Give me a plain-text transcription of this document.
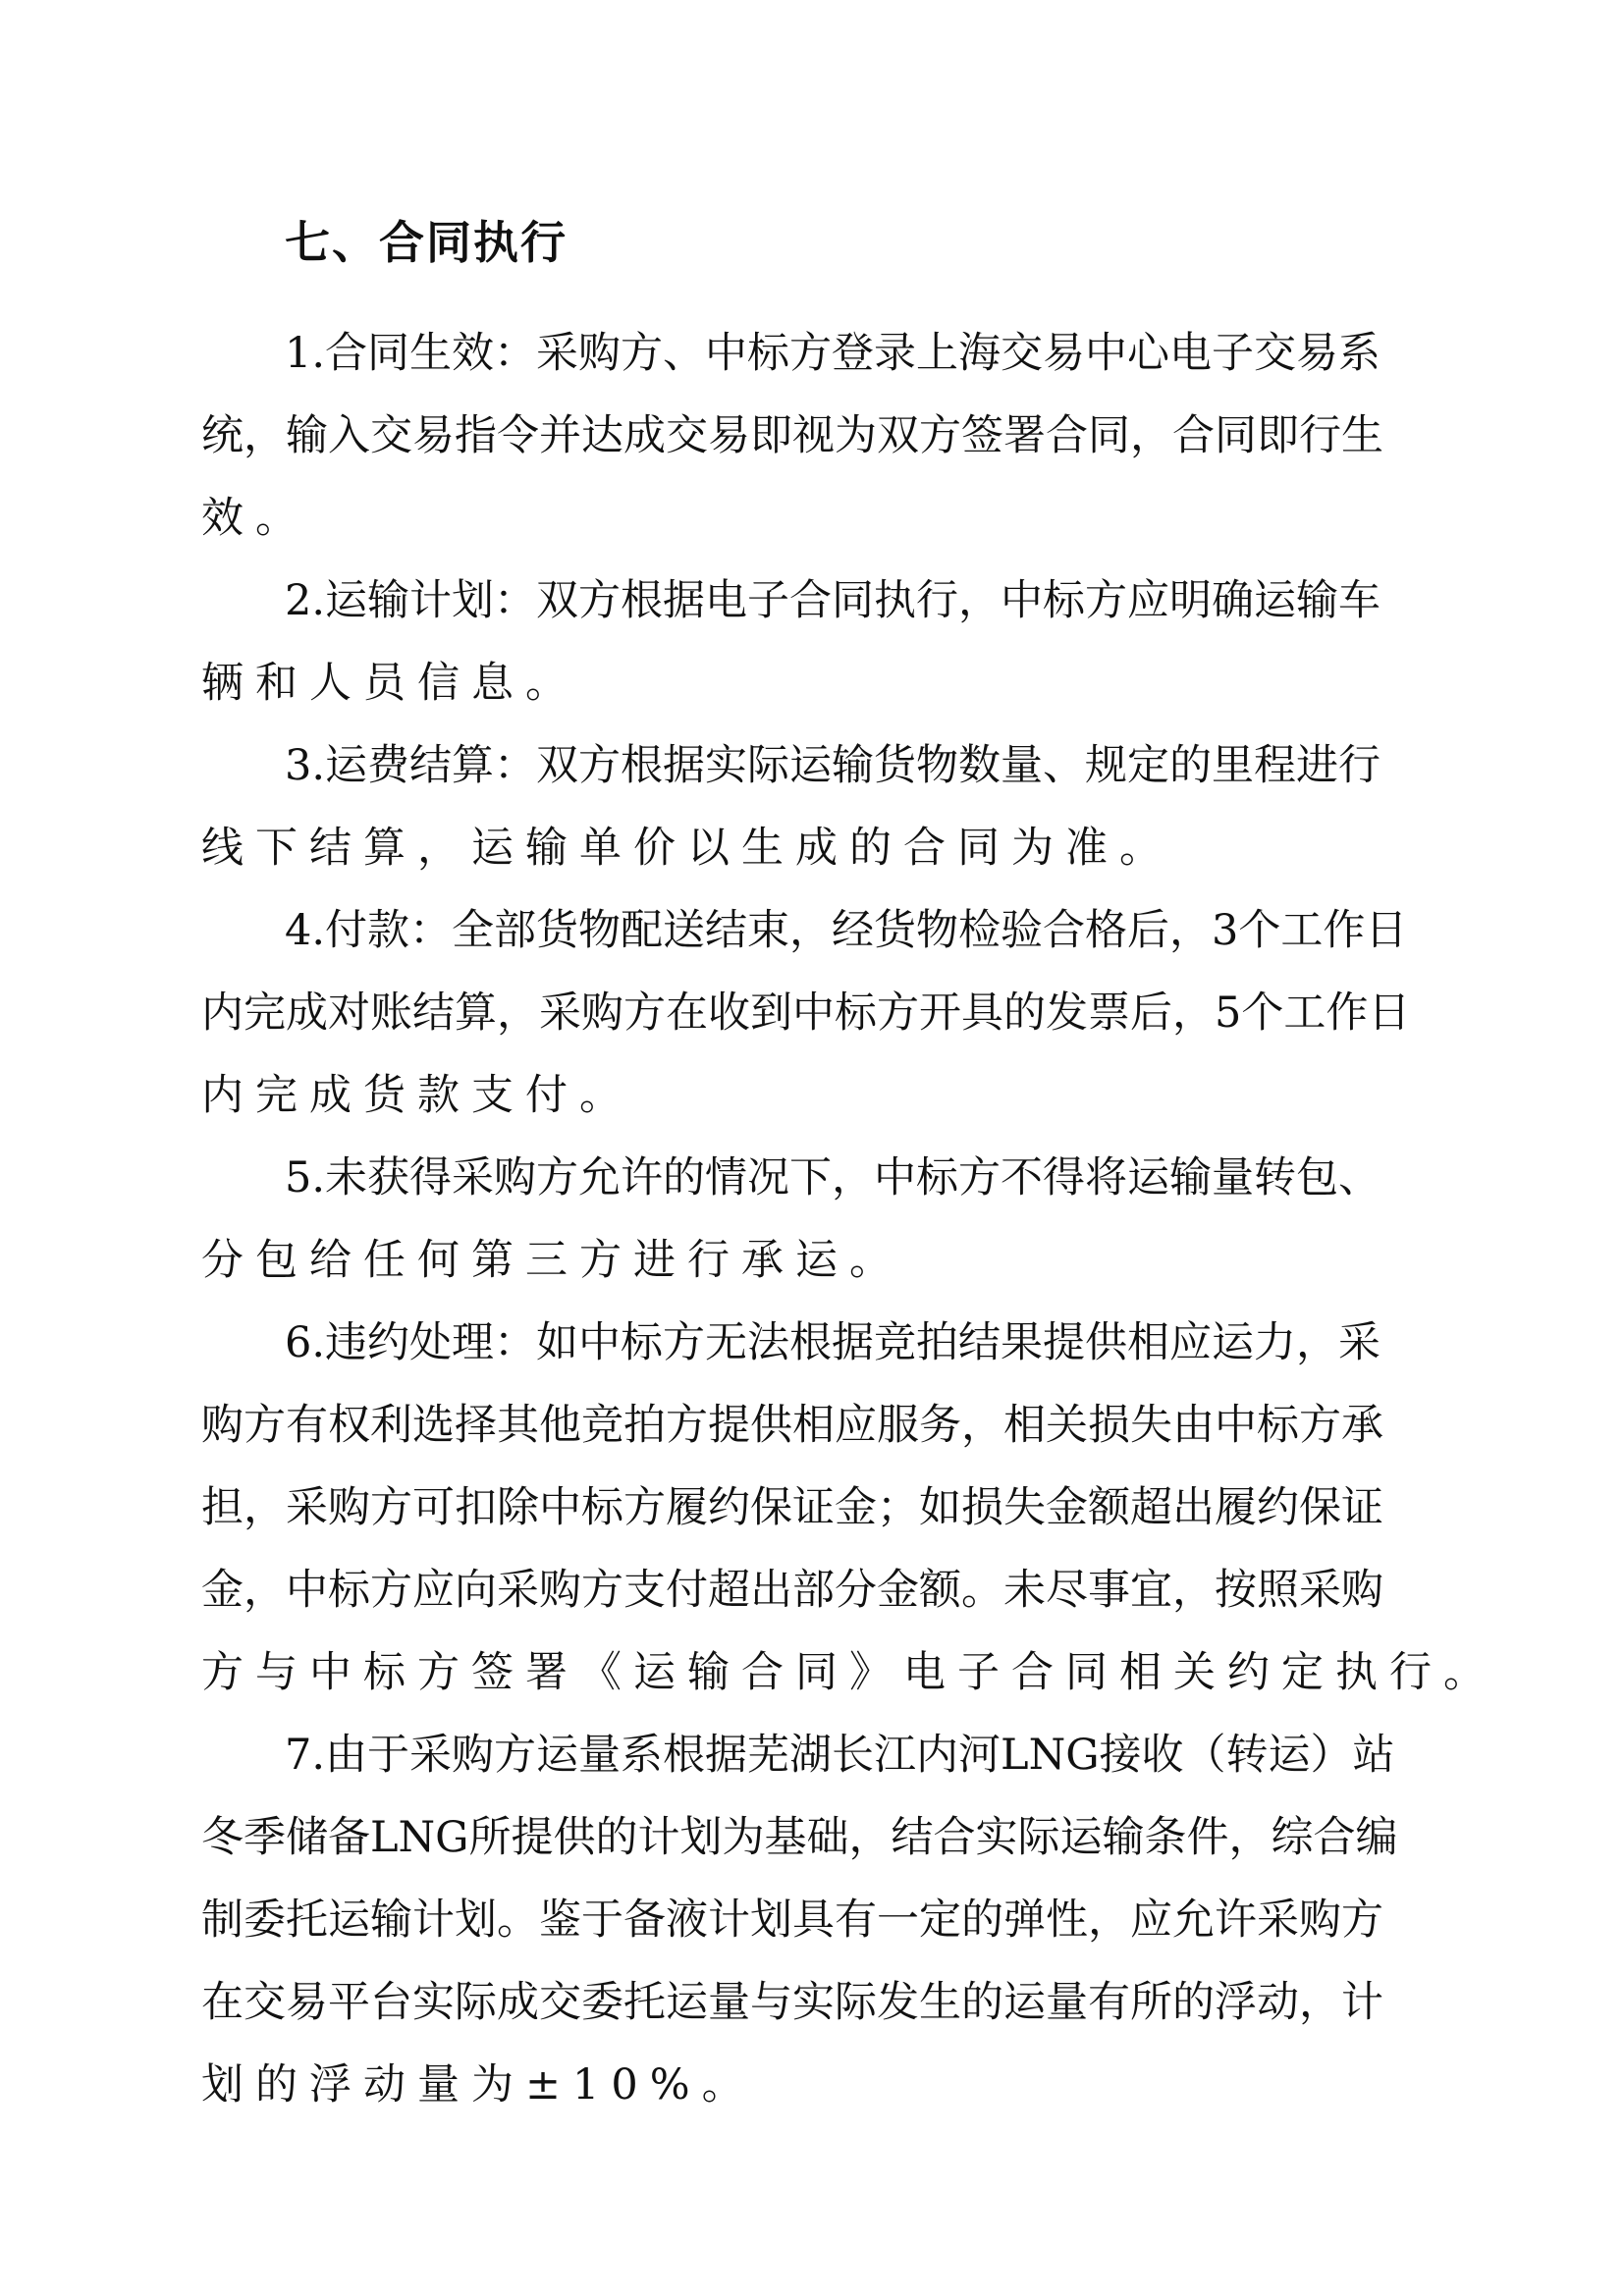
七、合同执行
1.合同生效：采购方、中标方登录上海交易中心电子交易系
统，输入交易指令并达成交易即视为双方签署合同，合同即行生
效。
2.运输计划：双方根据电子合同执行，中标方应明确运输车
辆和人员信息。
3.运费结算：双方根据实际运输货物数量、规定的里程进行
线下结算，运输单价以生成的合同为准。
4.付款：全部货物配送结束，经货物检验合格后，3个工作日
内完成对账结算，采购方在收到中标方开具的发票后，5个工作日
内完成货款支付。
5.未获得采购方允许的情况下，中标方不得将运输量转包、
分包给任何第三方进行承运。
6.违约处理：如中标方无法根据竞拍结果提供相应运力，采
购方有权利选择其他竞拍方提供相应服务，相关损失由中标方承
担，采购方可扣除中标方履约保证金；如损失金额超出履约保证
金，中标方应向采购方支付超出部分金额。未尽事宜，按照采购
方与中标方签署《运输合同》电子合同相关约定执行。
7.由于采购方运量系根据芜湖长江内河LNG接收（转运）站
冬季储备LNG所提供的计划为基础，结合实际运输条件，综合编
制委托运输计划。鉴于备液计划具有一定的弹性，应允许采购方
在交易平台实际成交委托运量与实际发生的运量有所的浮动，计
划的浮动量为±10%。
